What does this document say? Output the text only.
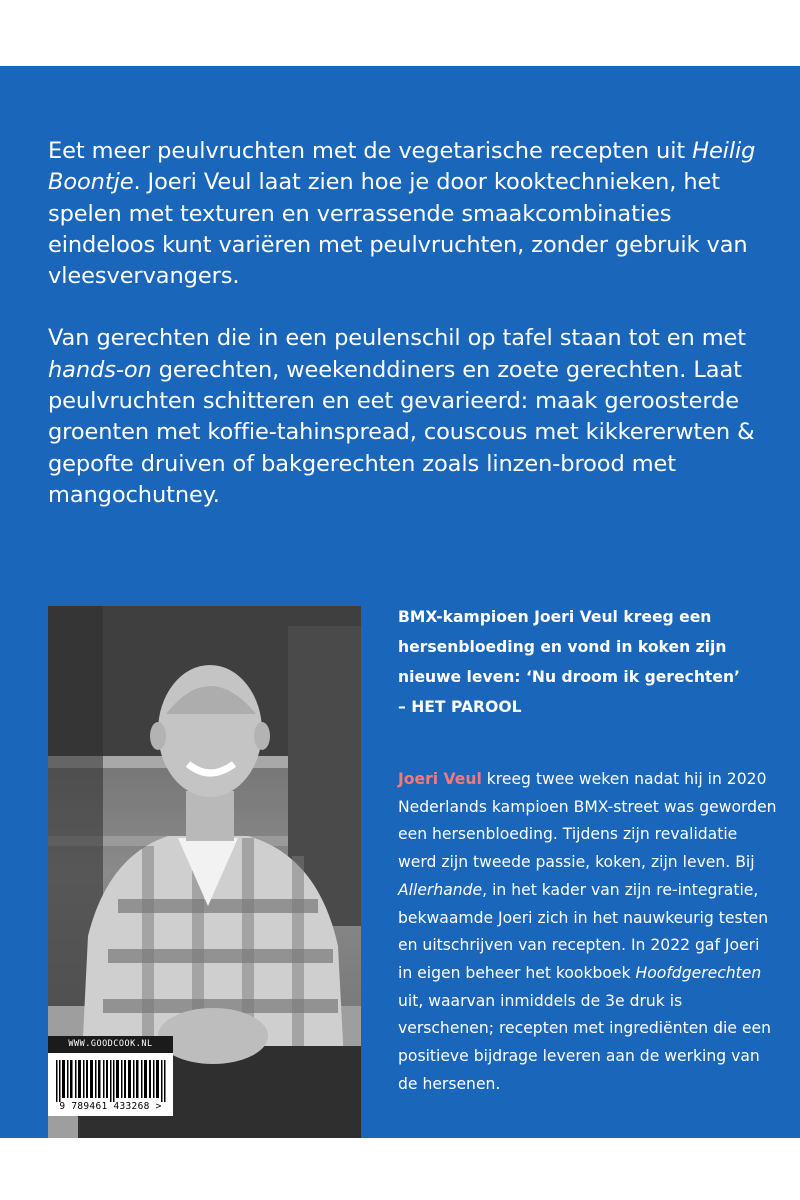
Eet meer peulvruchten met de vegetarische recepten uit Heilig Boontje. Joeri Veul laat zien hoe je door kooktechnieken, het spelen met texturen en verrassende smaakcombinaties eindeloos kunt variëren met peulvruchten, zonder gebruik van vleesvervangers.

Van gerechten die in een peulenschil op tafel staan tot en met hands-on gerechten, weekenddiners en zoete gerechten. Laat peulvruchten schitteren en eet gevarieerd: maak geroosterde groenten met koffie-tahinspread, couscous met kikkererwten & gepofte druiven of bakgerechten zoals linzen-brood met mangochutney.

BMX-kampioen Joeri Veul kreeg een hersenbloeding en vond in koken zijn nieuwe leven: ‘Nu droom ik gerechten’
– HET PAROOL
Joeri Veul kreeg twee weken nadat hij in 2020 Nederlands kampioen BMX-street was geworden een hersenbloeding. Tijdens zijn revalidatie werd zijn tweede passie, koken, zijn leven. Bij Allerhande, in het kader van zijn re-integratie, bekwaamde Joeri zich in het nauwkeurig testen en uitschrijven van recepten. In 2022 gaf Joeri in eigen beheer het kookboek Hoofdgerechten uit, waarvan inmiddels de 3e druk is verschenen; recepten met ingrediënten die een positieve bijdrage leveren aan de werking van de hersenen.
WWW.GOODCOOK.NL
9 789461 433268 >
